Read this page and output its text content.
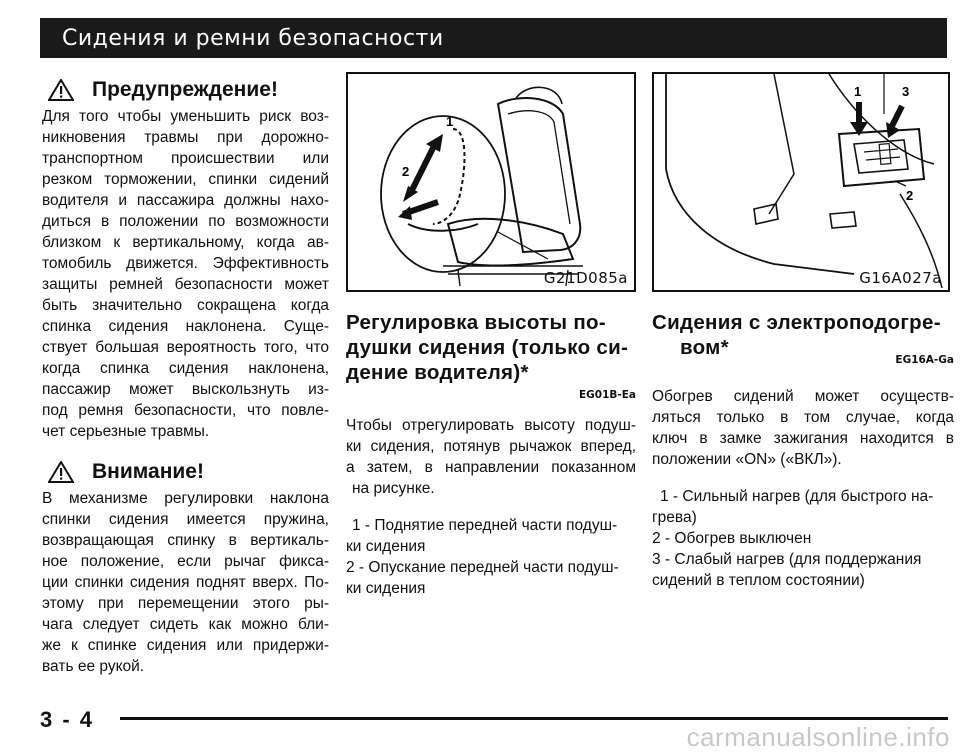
Сидения и ремни безопасности
Предупреждение!

Для того чтобы уменьшить риск воз-

никновения травмы при дорожно-

транспортном происшествии или

резком торможении, спинки сидений

водителя и пассажира должны нахо-

диться в положении по возможности

близком к вертикальному, когда ав-

томобиль движется. Эффективность

защиты ремней безопасности может

быть значительно сокращена когда

спинка сидения наклонена. Суще-

ствует большая вероятность того, что

когда спинка сидения наклонена,

пассажир может выскользнуть из-

под ремня безопасности, что повле-

чет серьезные травмы.

Внимание!

В механизме регулировки наклона

спинки сидения имеется пружина,

возвращающая спинку в вертикаль-

ное положение, если рычаг фикса-

ции спинки сидения поднят вверх. По-

этому при перемещении этого ры-

чага следует сидеть как можно бли-

же к спинке сидения или придержи-

вать ее рукой.

1
2
G21D085a
Регулировка высоты по-
душки сидения (только си-
дение водителя)*
EG01B-Ea

Чтобы отрегулировать высоту подуш-

ки сидения, потянув рычажок вперед,

а затем, в направлении показанном

на рисунке.

1 - Поднятие передней части подуш-

ки сидения

2 - Опускание передней части подуш-

ки сидения

1
2
3
G16A027a
Сидения с электроподогре-
вом*
EG16A-Ga

Обогрев сидений может осуществ-

ляться только в том случае, когда

ключ в замке зажигания находится в

положении «ON» («ВКЛ»).

1 - Сильный нагрев (для быстрого на-

грева)

2 - Обогрев выключен

3 - Слабый нагрев (для поддержания

сидений в теплом состоянии)

3 - 4
carmanualsonline.info
